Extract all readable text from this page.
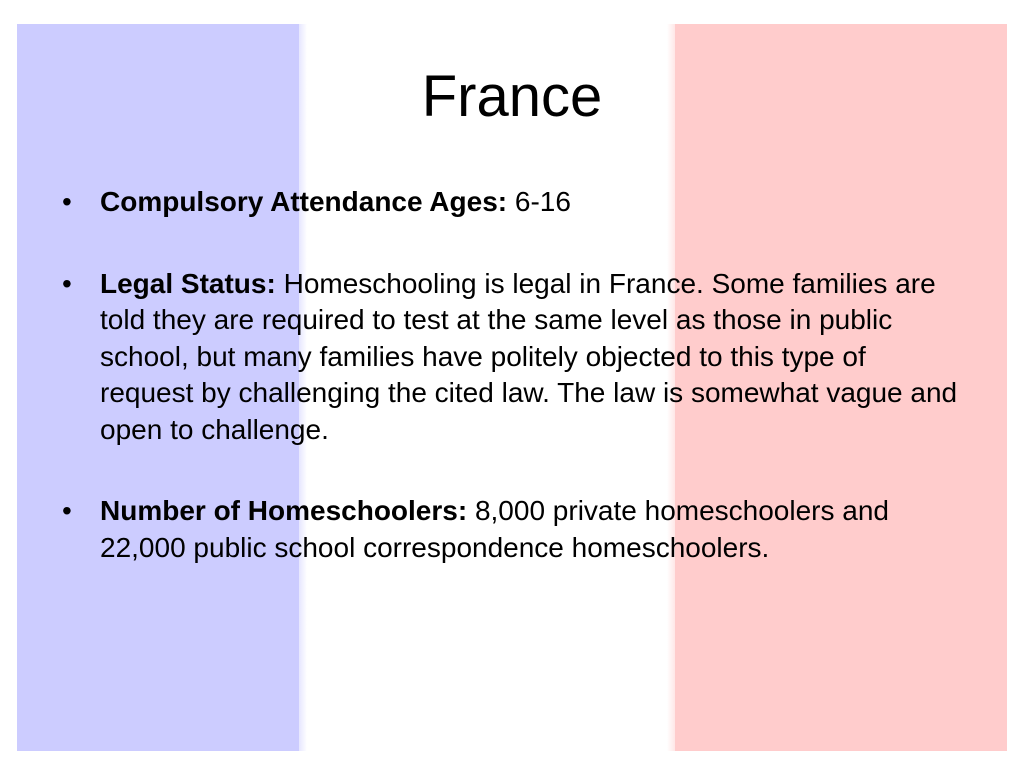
France
• Compulsory Attendance Ages: 6-16
• Legal Status: Homeschooling is legal in France. Some families are told they are required to test at the same level as those in public school, but many families have politely objected to this type of request by challenging the cited law. The law is somewhat vague and open to challenge.
• Number of Homeschoolers: 8,000 private homeschoolers and 22,000 public school correspondence homeschoolers.
